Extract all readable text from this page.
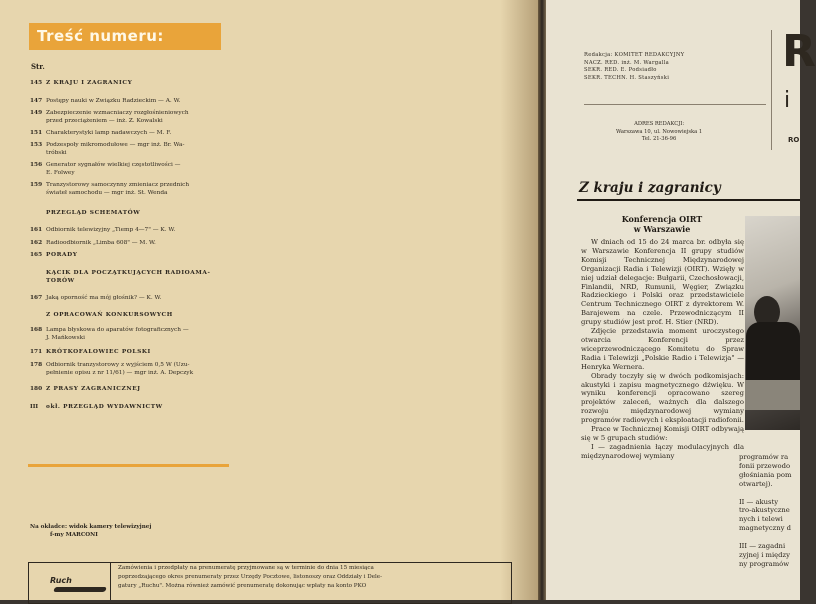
Treść numeru:
Str.
145 Z KRAJU I ZAGRANICY
147 Postępy nauki w Związku Radzieckim — A. W.
149 Zabezpieczenie wzmacniaczy rozgłośnieniowych
przed przeciążeniem — inż. Z. Kowalski
151 Charakterystyki lamp nadawczych — M. F.
153 Podzespoły mikromodułowe — mgr inż. Br. Wa-
tróbski
156 Generator sygnałów wielkiej częstotliwości —
E. Folwey
159 Tranzystorowy samoczynny zmieniacz przednich
świateł samochodu — mgr inż. St. Wenda
PRZEGLĄD SCHEMATÓW
161 Odbiornik telewizyjny „Tiemp 4—7" — K. W.
162 Radioodbiornik „Limba 608" — M. W.
165 PORADY
KĄCIK DLA POCZĄTKUJĄCYCH RADIOAMA-
TORÓW
167 Jaką oporność ma mój głośnik? — K. W.
Z OPRACOWAŃ KONKURSOWYCH
168 Lampa błyskowa do aparatów fotograficznych —
J. Mańkowski
171 KRÓTKOFALOWIEC POLSKI
178 Odbiornik tranzystorowy z wyjściem 0,5 W (Uzu-
pełnienie opisu z nr 11/61) — mgr inż. A. Depczyk
180 Z PRASY ZAGRANICZNEJ
III okł. PRZEGLĄD WYDAWNICTW
Na okładce: widok kamery telewizyjnej
f-my MARCONI
Ruch
Zamówienia i przedpłaty na prenumeratę przyjmowane są w terminie do dnia 15 miesiąca
poprzedzającego okres prenumeraty przez Urzędy Pocztowe, listonoszy oraz Oddziały i Dele-
gatury „Ruchu". Można również zamówić prenumeratę dokonując wpłaty na konto PKO
Redakcja: KOMITET REDAKCYJNY
NACZ. RED. inż. M. Wargalla
SEKR. RED. E. Podsiadło
SEKR. TECHN. H. Staszyński
ADRES REDAKCJI:
Warszawa 10, ul. Nowowiejska 1
Tel. 21-36-96
R
i
RO
Z kraju i zagranicy
Konferencja OIRT
w Warszawie

W dniach od 15 do 24 marca br. odbyła się w Warszawie Konferencja II grupy studiów Komisji Technicznej Międzynarodowej Organizacji Radia i Telewizji (OIRT). Wzięły w niej udział delegacje: Bułgarii, Czechosłowacji, Finlandii, NRD, Rumunii, Węgier, Związku Radzieckiego i Polski oraz przedstawiciele Centrum Technicznego OIRT z dyrektorem W. Barajewem na czele. Przewodniczącym II grupy studiów jest prof. H. Stier (NRD).

Zdjęcie przedstawia moment uroczystego otwarcia Konferencji przez wiceprzewodniczącego Komitetu do Spraw Radia i Telewizji „Polskie Radio i Telewizja" — Henryka Wernera.

Obrady toczyły się w dwóch podkomisjach: akustyki i zapisu magnetycznego dźwięku. W wyniku konferencji opracowano szereg projektów zaleceń, ważnych dla dalszego rozwoju międzynarodowej wymiany programów radiowych i eksploatacji radiofonii.

Prace w Technicznej Komisji OIRT odbywają się w 5 grupach studiów:

I — zagadnienia łączy modulacyjnych dla międzynarodowej wymiany	programów ra
fonii przewodo
głośniania pom
otwartej).

II — akusty
tro-akustyczne
nych i telewi
magnetyczny d

III — zagadni
zyjnej i między
ny programów
